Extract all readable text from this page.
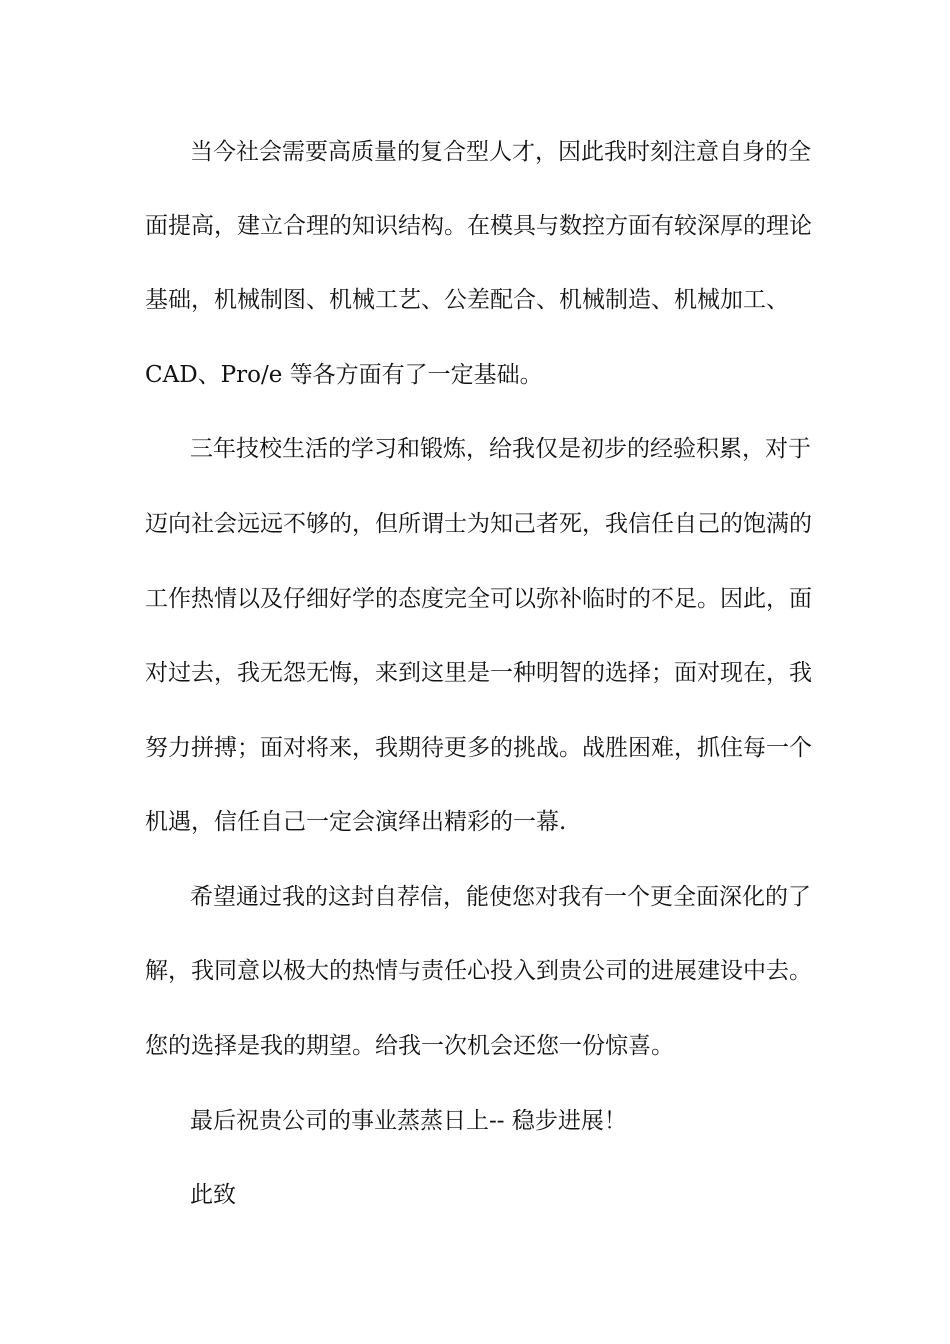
当今社会需要高质量的复合型人才，因此我时刻注意自身的全
面提高，建立合理的知识结构。在模具与数控方面有较深厚的理论
基础，机械制图、机械工艺、公差配合、机械制造、机械加工、
CAD、Pro/e 等各方面有了一定基础。
三年技校生活的学习和锻炼，给我仅是初步的经验积累，对于
迈向社会远远不够的，但所谓士为知己者死，我信任自己的饱满的
工作热情以及仔细好学的态度完全可以弥补临时的不足。因此，面
对过去，我无怨无悔，来到这里是一种明智的选择；面对现在，我
努力拼搏；面对将来，我期待更多的挑战。战胜困难，抓住每一个
机遇，信任自己一定会演绎出精彩的一幕.
希望通过我的这封自荐信，能使您对我有一个更全面深化的了
解，我同意以极大的热情与责任心投入到贵公司的进展建设中去。
您的选择是我的期望。给我一次机会还您一份惊喜。
最后祝贵公司的事业蒸蒸日上-- 稳步进展！
此致
